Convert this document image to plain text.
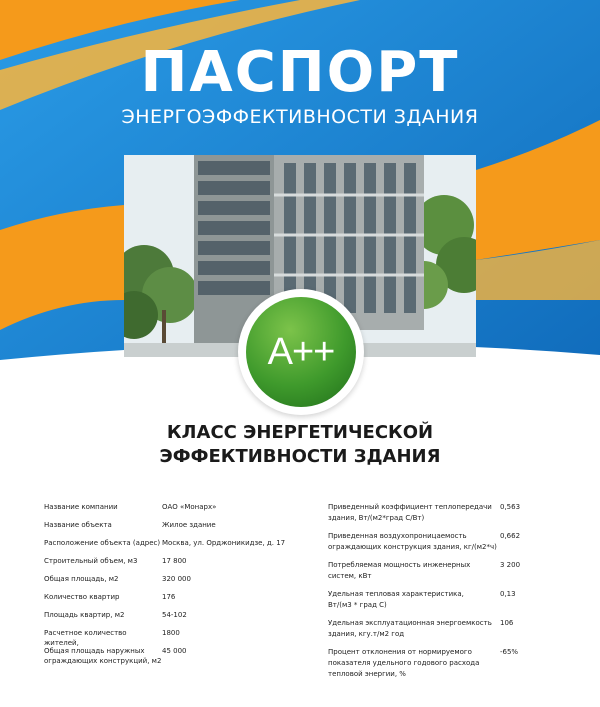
ПАСПОРТ
ЭНЕРГОЭФФЕКТИВНОСТИ ЗДАНИЯ
A++
КЛАСС ЭНЕРГЕТИЧЕСКОЙ
ЭФФЕКТИВНОСТИ ЗДАНИЯ
Название компании	ОАО «Монарх»
Название объекта	Жилое здание
Расположение объекта (адрес) Москва, ул. Орджоникидзе, д. 17
Строительный объем, м3	17 800
Общая площадь, м2	320 000
Количество квартир	176
Площадь квартир, м2	54-102
Расчетное количество жителей,
1800
Общая площадь наружных
ограждающих конструкций, м2
45 000
Приведенный коэффициент теплопередачи
здания, Вт/(м2*град С/Вт)
0,563
Приведенная воздухопроницаемость
ограждающих конструкция здания, кг/(м2*ч)
0,662
Потребляемая мощность инженерных
систем, кВт
3 200
Удельная тепловая характеристика,
Вт/(м3 * град С)
0,13
Удельная эксплуатационная энергоемкость
здания, кгу.т/м2 год
106
Процент отклонения от нормируемого
показателя удельного годового расхода
тепловой энергии, %
-65%
